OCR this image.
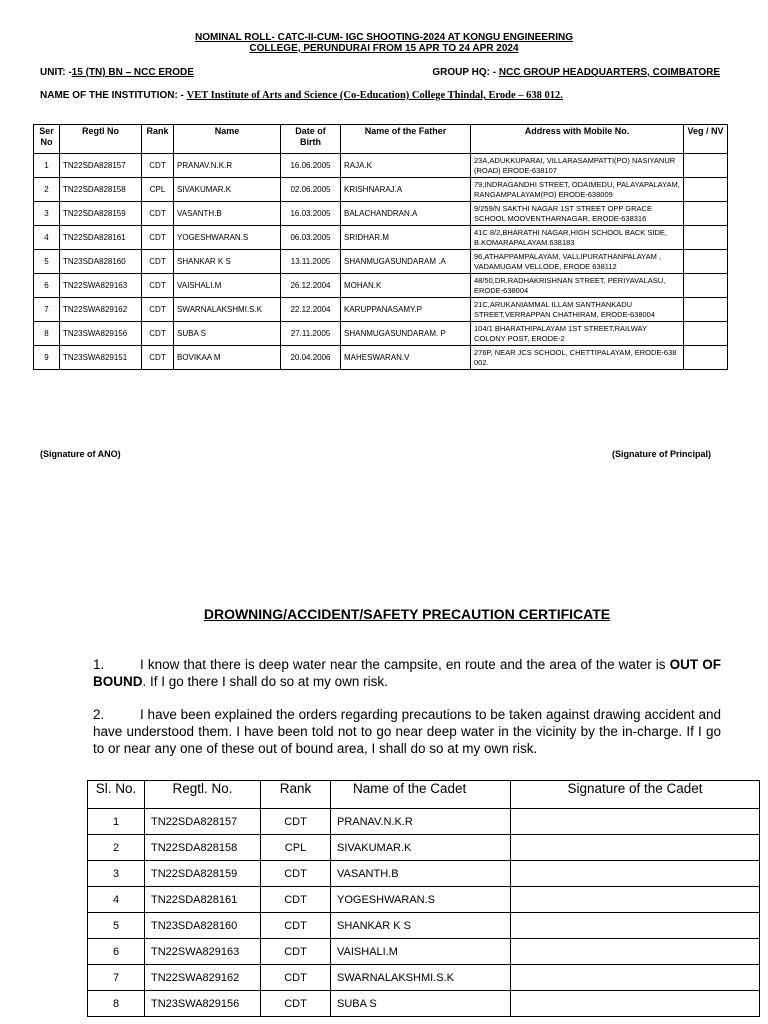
NOMINAL ROLL- CATC-II-CUM- IGC SHOOTING-2024 AT KONGU ENGINEERING
COLLEGE, PERUNDURAI FROM 15 APR TO 24 APR 2024
UNIT: -15 (TN) BN – NCC ERODE	GROUP HQ: - NCC GROUP HEADQUARTERS, COIMBATORE
NAME OF THE INSTITUTION: - VET Institute of Arts and Science (Co-Education) College Thindal, Erode – 638 012.
Ser No	Regtl No	Rank	Name	Date of Birth	Name of the Father	Address with Mobile No.	Veg / NV
1	TN22SDA828157	CDT	PRANAV.N.K.R	16.06.2005	RAJA.K	23A,ADUKKUPARAI, VILLARASAMPATTI(PO) NASIYANUR (ROAD) ERODE-638107	
2	TN22SDA828158	CPL	SIVAKUMAR.K	02.06.2005	KRISHNARAJ.A	79,INDRAGANDHI STREET, ODAIMEDU, PALAYAPALAYAM, RANGAMPALAYAM(PO) ERODE-638009	
3	TN22SDA828159	CDT	VASANTH.B	16.03.2005	BALACHANDRAN.A	9/259/N SAKTHI NAGAR 1ST STREET OPP GRACE SCHOOL MOOVENTHARNAGAR, ERODE-638316	
4	TN22SDA828161	CDT	YOGESHWARAN.S	06.03.2005	SRIDHAR.M	41C 8/2,BHARATHI NAGAR,HIGH SCHOOL BACK SIDE, B.KOMARAPALAYAM.638183	
5	TN23SDA828160	CDT	SHANKAR K S	13.11.2005	SHANMUGASUNDARAM .A	96,ATHAPPAMPALAYAM, VALLIPURATHANPALAYAM , VADAMUGAM VELLODE, ERODE 638112	
6	TN22SWA829163	CDT	VAISHALI.M	26.12.2004	MOHAN.K	48/50,DR.RADHAKRISHNAN STREET, PERIYAVALASU, ERODE-638004	
7	TN22SWA829162	CDT	SWARNALAKSHMI.S.K	22.12.2004	KARUPPANASAMY.P	21C,ARUKANIAMMAL ILLAM SANTHANKADU STREET,VERRAPPAN CHATHIRAM, ERODE-638004	
8	TN23SWA829156	CDT	SUBA S	27.11.2005	SHANMUGASUNDARAM. P	104/1 BHARATHIPALAYAM 1ST STREET,RAILWAY COLONY POST, ERODE-2	
9	TN23SWA829151	CDT	BOVIKAA M	20.04.2006	MAHESWARAN.V	276P, NEAR JCS SCHOOL, CHETTIPALAYAM, ERODE-638 002.	
(Signature of ANO)	(Signature of Principal)
DROWNING/ACCIDENT/SAFETY PRECAUTION CERTIFICATE
1.	I know that there is deep water near the campsite, en route and the area of the water is OUT OF BOUND. If I go there I shall do so at my own risk.
2.	I have been explained the orders regarding precautions to be taken against drawing accident and have understood them. I have been told not to go near deep water in the vicinity by the in-charge. If I go to or near any one of these out of bound area, I shall do so at my own risk.
Sl. No.	Regtl. No.	Rank	Name of the Cadet	Signature of the Cadet
1	TN22SDA828157	CDT	PRANAV.N.K.R	
2	TN22SDA828158	CPL	SIVAKUMAR.K	
3	TN22SDA828159	CDT	VASANTH.B	
4	TN22SDA828161	CDT	YOGESHWARAN.S	
5	TN23SDA828160	CDT	SHANKAR K S	
6	TN22SWA829163	CDT	VAISHALI.M	
7	TN22SWA829162	CDT	SWARNALAKSHMI.S.K	
8	TN23SWA829156	CDT	SUBA S	
